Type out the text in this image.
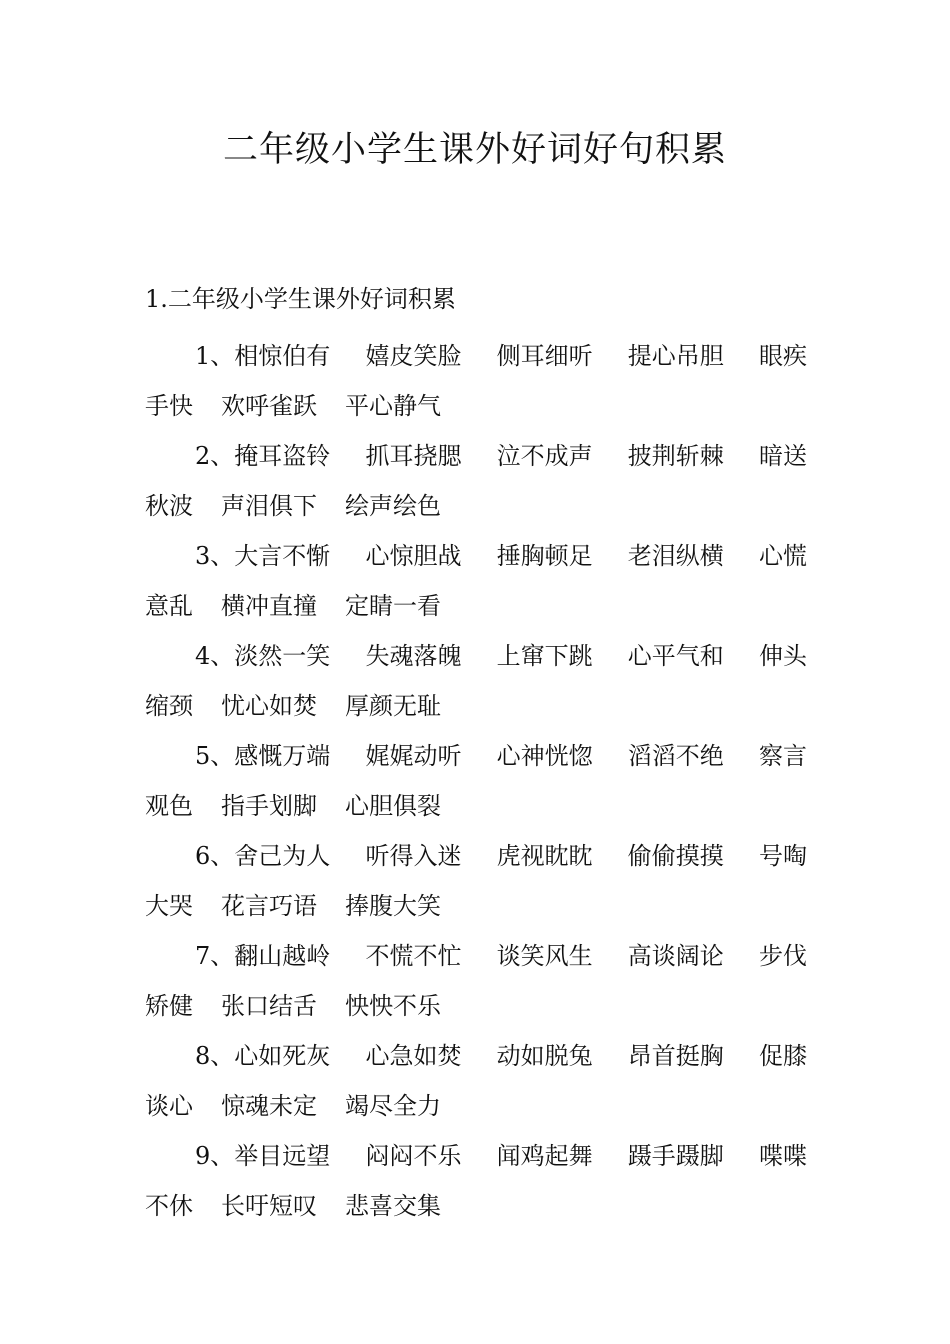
二年级小学生课外好词好句积累
1.二年级小学生课外好词积累
1、相惊伯有 嬉皮笑脸 侧耳细听 提心吊胆 眼疾
手快 欢呼雀跃 平心静气
2、掩耳盗铃 抓耳挠腮 泣不成声 披荆斩棘 暗送
秋波 声泪俱下 绘声绘色
3、大言不惭 心惊胆战 捶胸顿足 老泪纵横 心慌
意乱 横冲直撞 定睛一看
4、淡然一笑 失魂落魄 上窜下跳 心平气和 伸头
缩颈 忧心如焚 厚颜无耻
5、感慨万端 娓娓动听 心神恍惚 滔滔不绝 察言
观色 指手划脚 心胆俱裂
6、舍己为人 听得入迷 虎视眈眈 偷偷摸摸 号啕
大哭 花言巧语 捧腹大笑
7、翻山越岭 不慌不忙 谈笑风生 高谈阔论 步伐
矫健 张口结舌 怏怏不乐
8、心如死灰 心急如焚 动如脱兔 昂首挺胸 促膝
谈心 惊魂未定 竭尽全力
9、举目远望 闷闷不乐 闻鸡起舞 蹑手蹑脚 喋喋
不休 长吁短叹 悲喜交集
